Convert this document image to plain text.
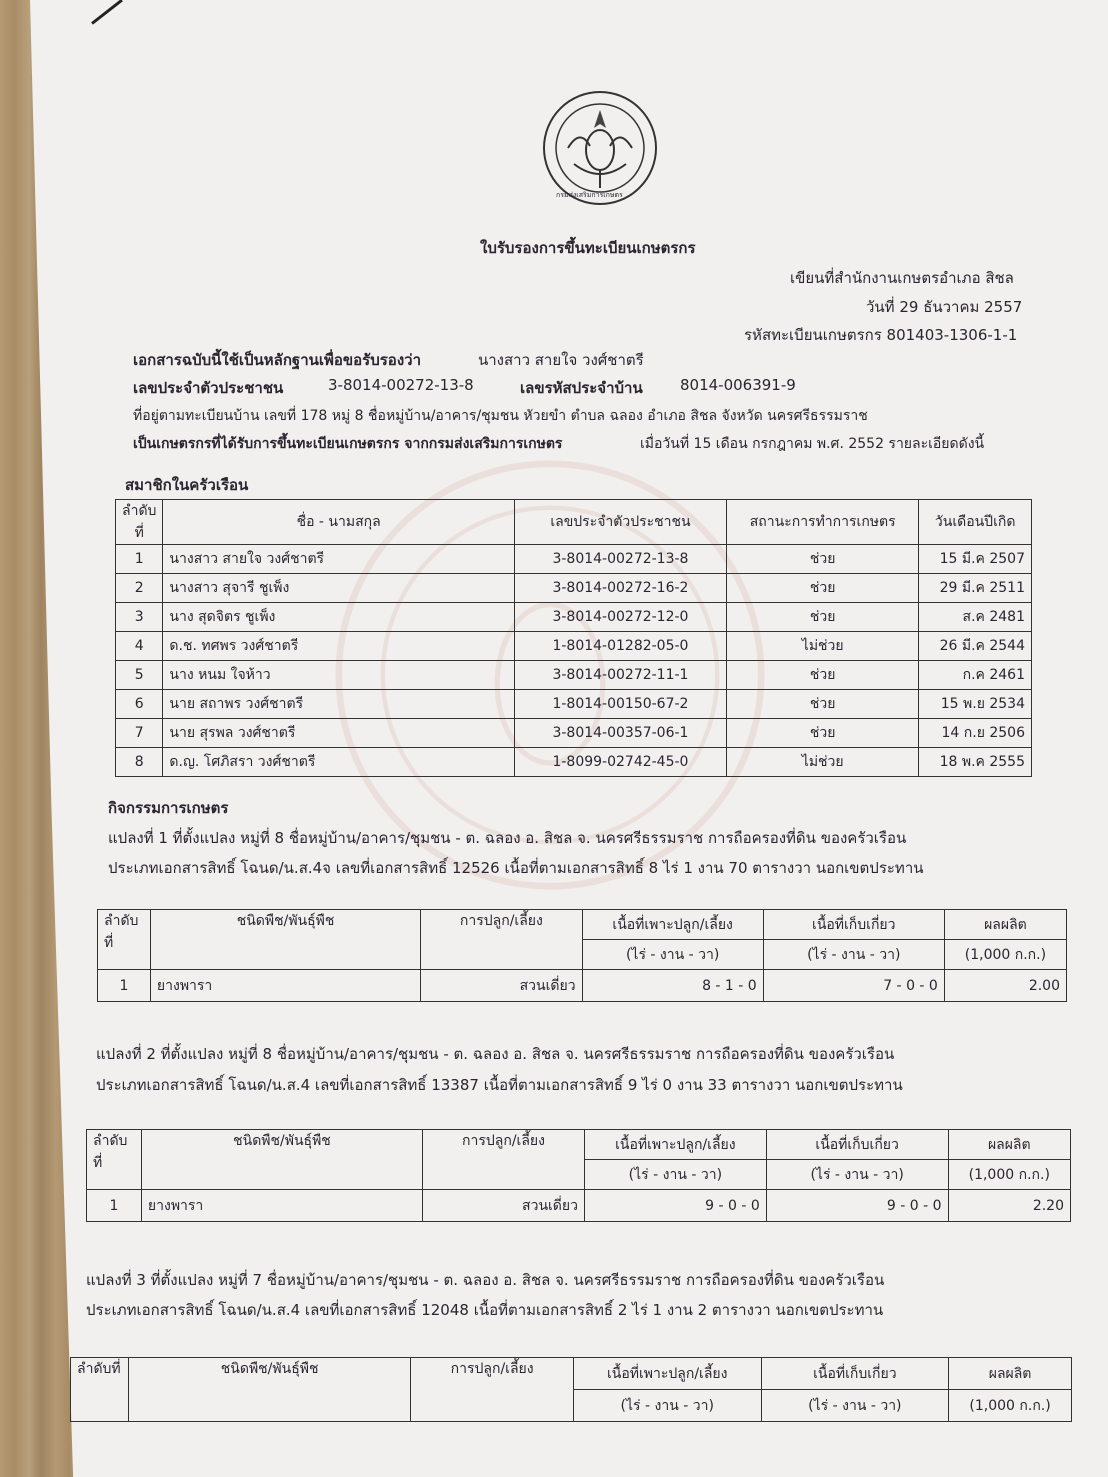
กรมส่งเสริมการเกษตร
ใบรับรองการขึ้นทะเบียนเกษตรกร
เขียนที่สำนักงานเกษตรอำเภอ สิชล
วันที่ 29 ธันวาคม 2557
รหัสทะเบียนเกษตรกร 801403-1306-1-1
เอกสารฉบับนี้ใช้เป็นหลักฐานเพื่อขอรับรองว่า	นางสาว สายใจ วงศ์ชาตรี
เลขประจำตัวประชาชน	3-8014-00272-13-8	เลขรหัสประจำบ้าน 8014-006391-9
ที่อยู่ตามทะเบียนบ้าน เลขที่ 178 หมู่ 8 ชื่อหมู่บ้าน/อาคาร/ชุมชน หัวยขำ ตำบล ฉลอง อำเภอ สิชล จังหวัด นครศรีธรรมราช
เป็นเกษตรกรที่ได้รับการขึ้นทะเบียนเกษตรกร จากกรมส่งเสริมการเกษตร	เมื่อวันที่ 15 เดือน กรกฎาคม พ.ศ. 2552 รายละเอียดดังนี้
สมาชิกในครัวเรือน
ลำดับที่	ชื่อ - นามสกุล	เลขประจำตัวประชาชน	สถานะการทำการเกษตร	วันเดือนปีเกิด
1	นางสาว สายใจ วงศ์ชาตรี	3-8014-00272-13-8	ช่วย	15 มี.ค 2507
2	นางสาว สุจารี ชูเพ็ง	3-8014-00272-16-2	ช่วย	29 มี.ค 2511
3	นาง สุดจิตร ชูเพ็ง	3-8014-00272-12-0	ช่วย	ส.ค 2481
4	ด.ช. ทศพร วงศ์ชาตรี	1-8014-01282-05-0	ไม่ช่วย	26 มี.ค 2544
5	นาง หนม ใจห้าว	3-8014-00272-11-1	ช่วย	ก.ค 2461
6	นาย สถาพร วงศ์ชาตรี	1-8014-00150-67-2	ช่วย	15 พ.ย 2534
7	นาย สุรพล วงศ์ชาตรี	3-8014-00357-06-1	ช่วย	14 ก.ย 2506
8	ด.ญ. โศภิสรา วงศ์ชาตรี	1-8099-02742-45-0	ไม่ช่วย	18 พ.ค 2555
กิจกรรมการเกษตร
แปลงที่ 1 ที่ตั้งแปลง หมู่ที่ 8 ชื่อหมู่บ้าน/อาคาร/ชุมชน - ต. ฉลอง อ. สิชล จ. นครศรีธรรมราช การถือครองที่ดิน ของครัวเรือน
ประเภทเอกสารสิทธิ์ โฉนด/น.ส.4จ เลขที่เอกสารสิทธิ์ 12526 เนื้อที่ตามเอกสารสิทธิ์ 8 ไร่ 1 งาน 70 ตารางวา นอกเขตประทาน
ลำดับที่	ชนิดพืช/พันธุ์พืช	การปลูก/เลี้ยง	เนื้อที่เพาะปลูก/เลี้ยง	เนื้อที่เก็บเกี่ยว	ผลผลิต
			(ไร่ - งาน - วา)	(ไร่ - งาน - วา)	(1,000 ก.ก.)
1	ยางพารา	สวนเดี่ยว	8 - 1 - 0	7 - 0 - 0	2.00
แปลงที่ 2 ที่ตั้งแปลง หมู่ที่ 8 ชื่อหมู่บ้าน/อาคาร/ชุมชน - ต. ฉลอง อ. สิชล จ. นครศรีธรรมราช การถือครองที่ดิน ของครัวเรือน
ประเภทเอกสารสิทธิ์ โฉนด/น.ส.4 เลขที่เอกสารสิทธิ์ 13387 เนื้อที่ตามเอกสารสิทธิ์ 9 ไร่ 0 งาน 33 ตารางวา นอกเขตประทาน
ลำดับที่	ชนิดพืช/พันธุ์พืช	การปลูก/เลี้ยง	เนื้อที่เพาะปลูก/เลี้ยง	เนื้อที่เก็บเกี่ยว	ผลผลิต
			(ไร่ - งาน - วา)	(ไร่ - งาน - วา)	(1,000 ก.ก.)
1	ยางพารา	สวนเดี่ยว	9 - 0 - 0	9 - 0 - 0	2.20
แปลงที่ 3 ที่ตั้งแปลง หมู่ที่ 7 ชื่อหมู่บ้าน/อาคาร/ชุมชน - ต. ฉลอง อ. สิชล จ. นครศรีธรรมราช การถือครองที่ดิน ของครัวเรือน
ประเภทเอกสารสิทธิ์ โฉนด/น.ส.4 เลขที่เอกสารสิทธิ์ 12048 เนื้อที่ตามเอกสารสิทธิ์ 2 ไร่ 1 งาน 2 ตารางวา นอกเขตประทาน
ลำดับที่	ชนิดพืช/พันธุ์พืช	การปลูก/เลี้ยง	เนื้อที่เพาะปลูก/เลี้ยง	เนื้อที่เก็บเกี่ยว	ผลผลิต
			(ไร่ - งาน - วา)	(ไร่ - งาน - วา)	(1,000 ก.ก.)
